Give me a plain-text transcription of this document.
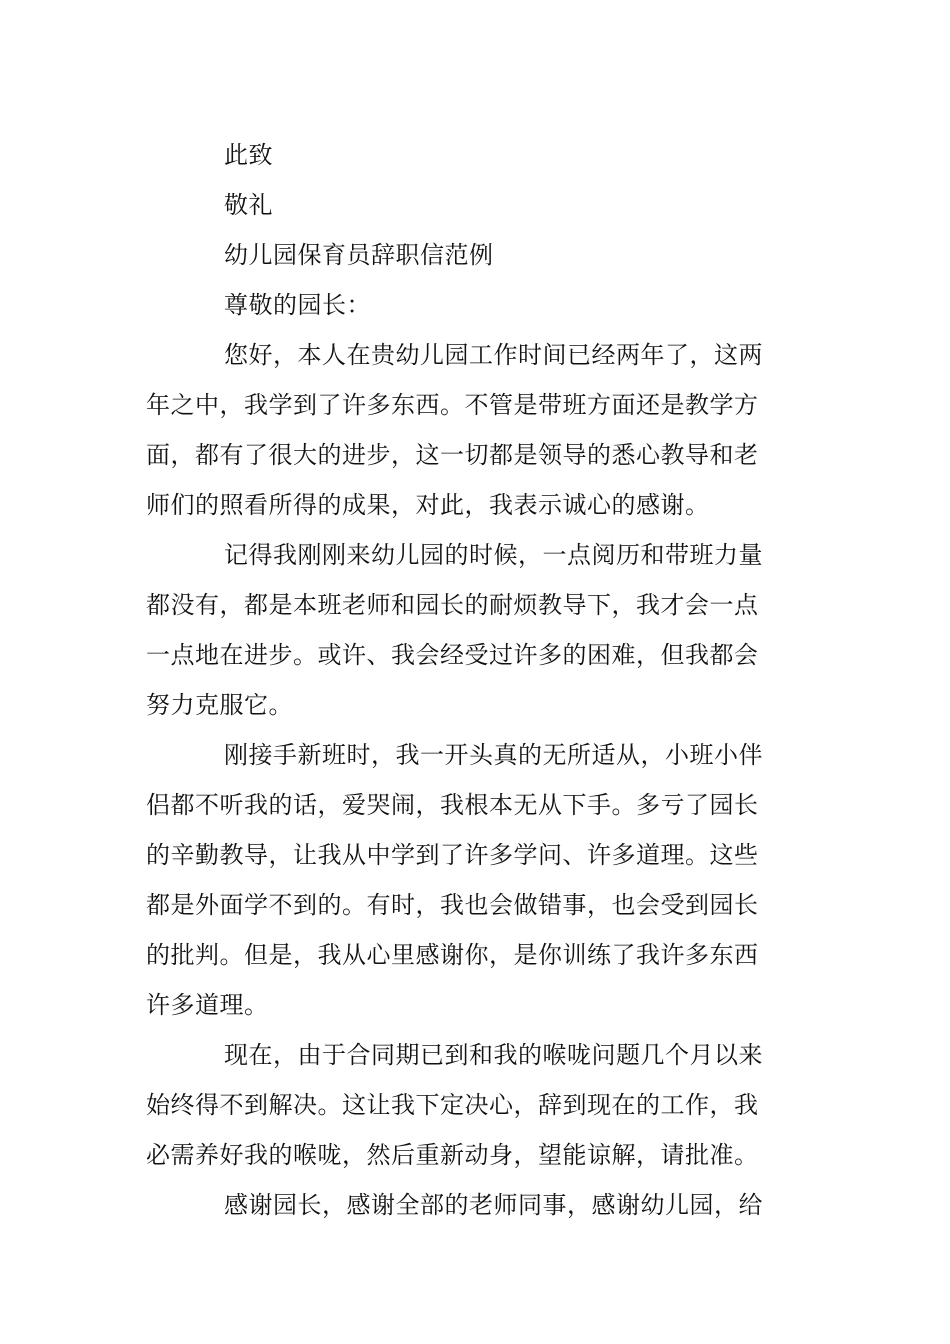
此致
敬礼
幼儿园保育员辞职信范例
尊敬的园长：
您好，本人在贵幼儿园工作时间已经两年了，这两
年之中，我学到了许多东西。不管是带班方面还是教学方
面，都有了很大的进步，这一切都是领导的悉心教导和老
师们的照看所得的成果，对此，我表示诚心的感谢。
记得我刚刚来幼儿园的时候，一点阅历和带班力量
都没有，都是本班老师和园长的耐烦教导下，我才会一点
一点地在进步。或许、我会经受过许多的困难，但我都会
努力克服它。
刚接手新班时，我一开头真的无所适从，小班小伴
侣都不听我的话，爱哭闹，我根本无从下手。多亏了园长
的辛勤教导，让我从中学到了许多学问、许多道理。这些
都是外面学不到的。有时，我也会做错事，也会受到园长
的批判。但是，我从心里感谢你，是你训练了我许多东西
许多道理。
现在，由于合同期已到和我的喉咙问题几个月以来
始终得不到解决。这让我下定决心，辞到现在的工作，我
必需养好我的喉咙，然后重新动身，望能谅解，请批准。
感谢园长，感谢全部的老师同事，感谢幼儿园，给
